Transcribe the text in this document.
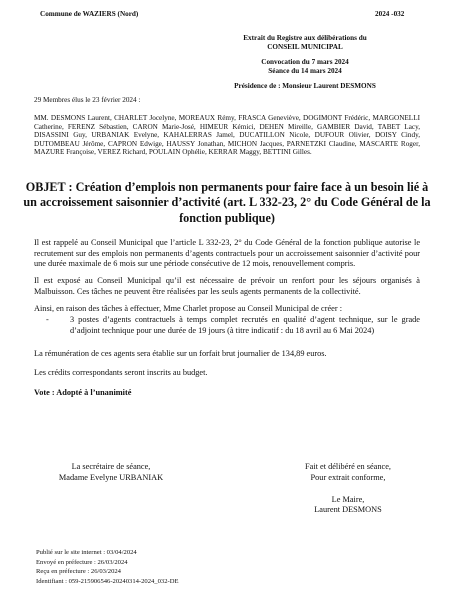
Commune de WAZIERS (Nord)	2024 -032
Extrait du Registre aux délibérations du
CONSEIL MUNICIPAL
Convocation du 7 mars 2024
Séance du 14 mars 2024
Présidence de : Monsieur Laurent DESMONS
29 Membres élus le 23 février 2024 :
MM. DESMONS Laurent, CHARLET Jocelyne, MOREAUX Rémy, FRASCA Geneviève, DOGIMONT Frédéric, MARGONELLI Catherine, FERENZ Sébastien, CARON Marie-José, HIMEUR Kémici, DEHEN Mireille, GAMBIER David, TABET Lacy, DISASSINI Guy, URBANIAK Evelyne, KAHALERRAS Jamel, DUCATILLON Nicole, DUFOUR Olivier, DOISY Cindy, DUTOMBEAU Jérôme, CAPRON Edwige, HAUSSY Jonathan, MICHON Jacques, PARNETZKI Claudine, MASCARTE Roger, MAZURE Françoise, VEREZ Richard, POULAIN Ophélie, KERRAR Maggy, BETTINI Gilles.
OBJET : Création d’emplois non permanents pour faire face à un besoin lié à un accroissement saisonnier d’activité (art. L 332-23, 2° du Code Général de la fonction publique)

Il est rappelé au Conseil Municipal que l’article L 332-23, 2° du Code Général de la fonction publique autorise le recrutement sur des emplois non permanents d’agents contractuels pour un accroissement saisonnier d’activité pour une durée maximale de 6 mois sur une période consécutive de 12 mois, renouvellement compris.

Il est exposé au Conseil Municipal qu’il est nécessaire de prévoir un renfort pour les séjours organisés à Malbuisson. Ces tâches ne peuvent être réalisées par les seuls agents permanents de la collectivité.

Ainsi, en raison des tâches à effectuer, Mme Charlet propose au Conseil Municipal de créer :

-	3 postes d’agents contractuels à temps complet recrutés en qualité d’agent technique, sur le grade d’adjoint technique pour une durée de 19 jours (à titre indicatif : du 18 avril au 6 Mai 2024)

La rémunération de ces agents sera établie sur un forfait brut journalier de 134,89 euros.

Les crédits correspondants seront inscrits au budget.

Vote : Adopté à l’unanimité

La secrétaire de séance,
Madame Evelyne URBANIAK
Fait et délibéré en séance,
Pour extrait conforme,
Le Maire,
Laurent DESMONS
Publié sur le site internet : 03/04/2024
Envoyé en préfecture : 26/03/2024
Reçu en préfecture : 26/03/2024
Identifiant : 059-215906546-20240314-2024_032-DE
